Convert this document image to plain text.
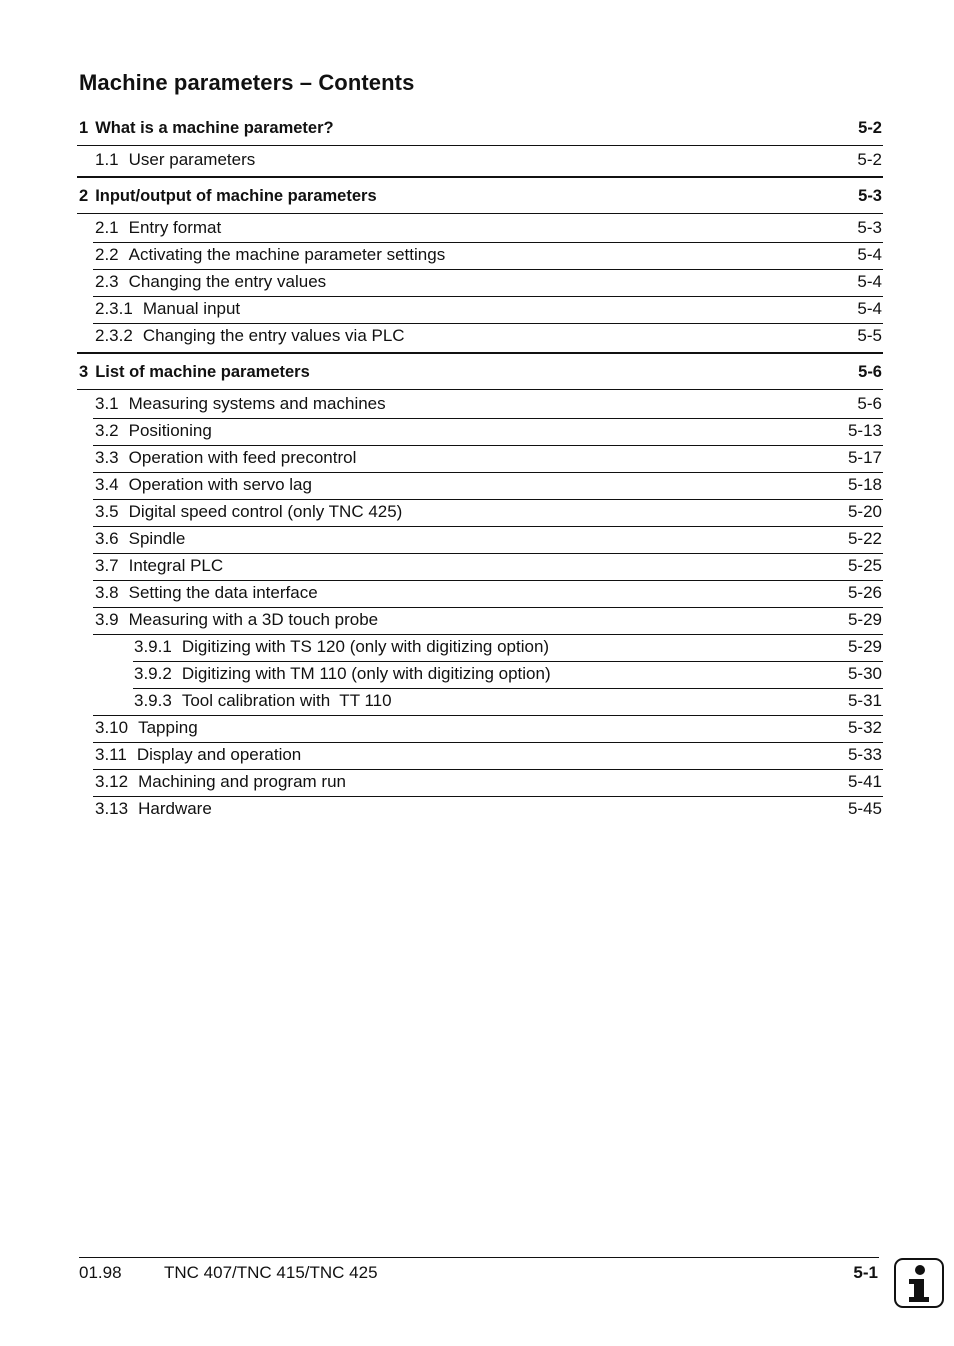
Machine parameters – Contents
1 What is a machine parameter?	5-2
1.1 User parameters	5-2
2 Input/output of machine parameters	5-3
2.1 Entry format	5-3
2.2 Activating the machine parameter settings	5-4
2.3 Changing the entry values	5-4
2.3.1 Manual input	5-4
2.3.2 Changing the entry values via PLC	5-5
3 List of machine parameters	5-6
3.1 Measuring systems and machines	5-6
3.2 Positioning	5-13
3.3 Operation with feed precontrol	5-17
3.4 Operation with servo lag	5-18
3.5 Digital speed control (only TNC 425)	5-20
3.6 Spindle	5-22
3.7 Integral PLC	5-25
3.8 Setting the data interface	5-26
3.9 Measuring with a 3D touch probe	5-29
3.9.1 Digitizing with TS 120 (only with digitizing option)	5-29
3.9.2 Digitizing with TM 110 (only with digitizing option)	5-30
3.9.3 Tool calibration with  TT 110	5-31
3.10 Tapping	5-32
3.11 Display and operation	5-33
3.12 Machining and program run	5-41
3.13 Hardware	5-45
01.98 TNC 407/TNC 415/TNC 425	5-1
